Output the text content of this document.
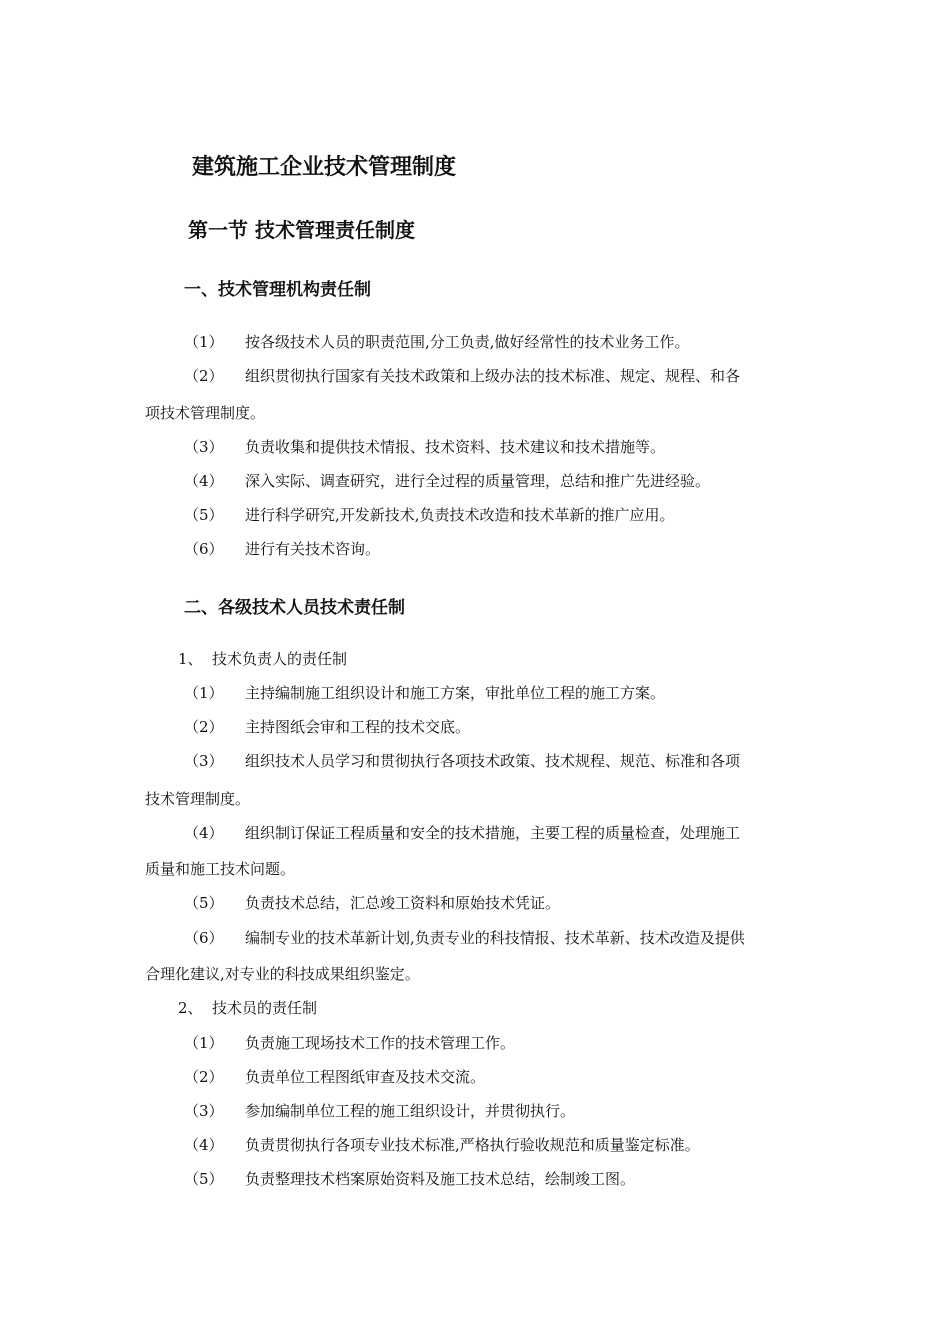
建筑施工企业技术管理制度
第一节 技术管理责任制度
一、技术管理机构责任制
（1） 按各级技术人员的职责范围,分工负责,做好经常性的技术业务工作。
（2） 组织贯彻执行国家有关技术政策和上级办法的技术标准、规定、规程、和各
项技术管理制度。
（3） 负责收集和提供技术情报、技术资料、技术建议和技术措施等。
（4） 深入实际、调查研究，进行全过程的质量管理，总结和推广先进经验。
（5） 进行科学研究,开发新技术,负责技术改造和技术革新的推广应用。
（6） 进行有关技术咨询。
二、各级技术人员技术责任制
1、 技术负责人的责任制
（1） 主持编制施工组织设计和施工方案，审批单位工程的施工方案。
（2） 主持图纸会审和工程的技术交底。
（3） 组织技术人员学习和贯彻执行各项技术政策、技术规程、规范、标准和各项
技术管理制度。
（4） 组织制订保证工程质量和安全的技术措施，主要工程的质量检查，处理施工
质量和施工技术问题。
（5） 负责技术总结，汇总竣工资料和原始技术凭证。
（6） 编制专业的技术革新计划,负责专业的科技情报、技术革新、技术改造及提供
合理化建议,对专业的科技成果组织鉴定。
2、 技术员的责任制
（1） 负责施工现场技术工作的技术管理工作。
（2） 负责单位工程图纸审查及技术交流。
（3） 参加编制单位工程的施工组织设计，并贯彻执行。
（4） 负责贯彻执行各项专业技术标准,严格执行验收规范和质量鉴定标准。
（5） 负责整理技术档案原始资料及施工技术总结，绘制竣工图。
